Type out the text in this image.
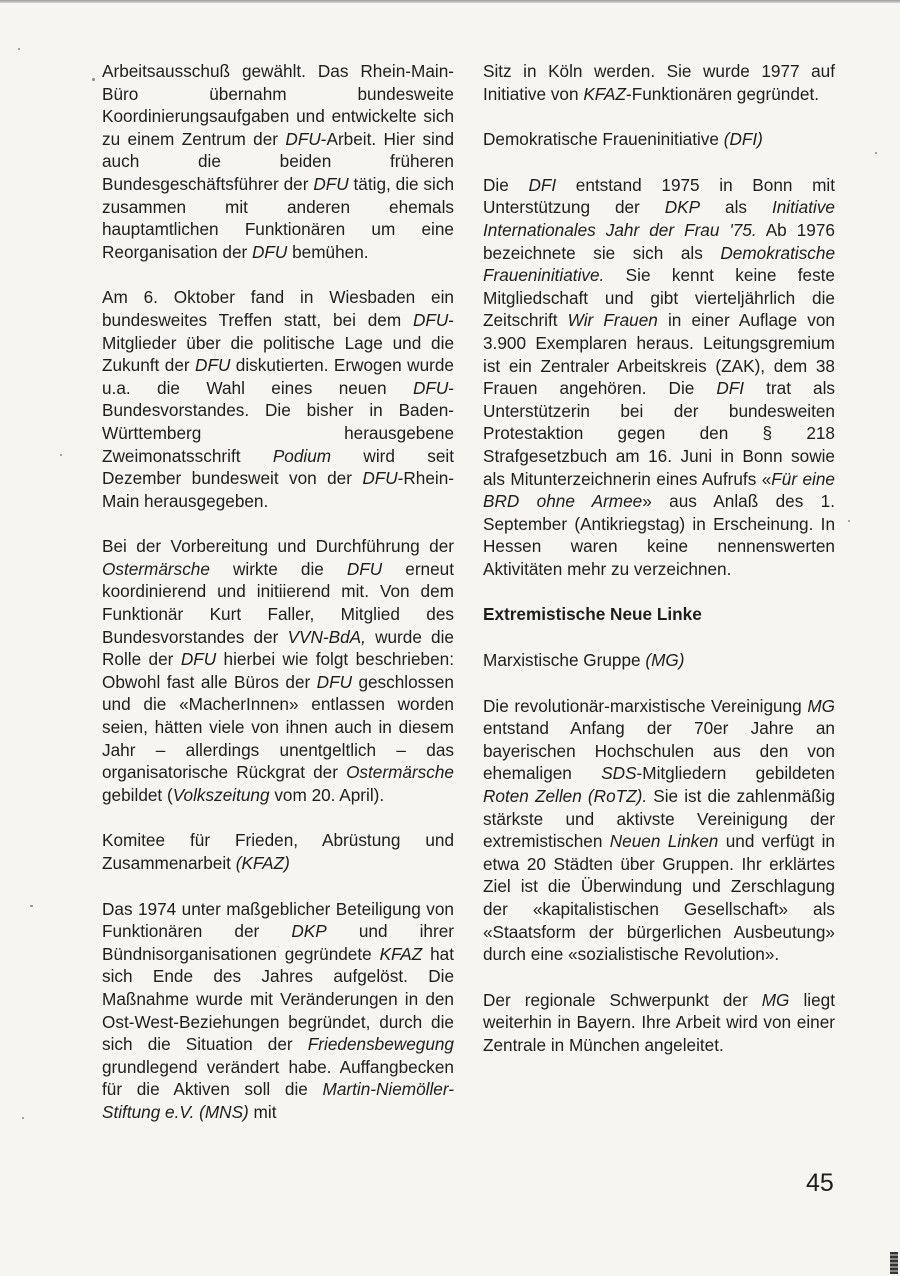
Arbeitsausschuß gewählt. Das Rhein-Main-Büro übernahm bundesweite Koordinierungsaufgaben und entwickelte sich zu einem Zentrum der DFU-Arbeit. Hier sind auch die beiden früheren Bundesgeschäftsführer der DFU tätig, die sich zusammen mit anderen ehemals hauptamtlichen Funktionären um eine Reorganisation der DFU bemühen.

Am 6. Oktober fand in Wiesbaden ein bundesweites Treffen statt, bei dem DFU-Mitglieder über die politische Lage und die Zukunft der DFU diskutierten. Erwogen wurde u.a. die Wahl eines neuen DFU-Bundesvorstandes. Die bisher in Baden-Württemberg herausgebene Zweimonatsschrift Podium wird seit Dezember bundesweit von der DFU-Rhein-Main herausgegeben.

Bei der Vorbereitung und Durchführung der Ostermärsche wirkte die DFU erneut koordinierend und initiierend mit. Von dem Funktionär Kurt Faller, Mitglied des Bundesvorstandes der VVN-BdA, wurde die Rolle der DFU hierbei wie folgt beschrieben: Obwohl fast alle Büros der DFU geschlossen und die «MacherInnen» entlassen worden seien, hätten viele von ihnen auch in diesem Jahr – allerdings unentgeltlich – das organisatorische Rückgrat der Ostermärsche gebildet (Volkszeitung vom 20. April).

Komitee für Frieden, Abrüstung und Zusammenarbeit (KFAZ)

Das 1974 unter maßgeblicher Beteiligung von Funktionären der DKP und ihrer Bündnisorganisationen gegründete KFAZ hat sich Ende des Jahres aufgelöst. Die Maßnahme wurde mit Veränderungen in den Ost-West-Beziehungen begründet, durch die sich die Situation der Friedensbewegung grundlegend verändert habe. Auffangbecken für die Aktiven soll die Martin-Niemöller-Stiftung e.V. (MNS) mit

Sitz in Köln werden. Sie wurde 1977 auf Initiative von KFAZ-Funktionären gegründet.

Demokratische Fraueninitiative (DFI)

Die DFI entstand 1975 in Bonn mit Unterstützung der DKP als Initiative Internationales Jahr der Frau '75. Ab 1976 bezeichnete sie sich als Demokratische Fraueninitiative. Sie kennt keine feste Mitgliedschaft und gibt vierteljährlich die Zeitschrift Wir Frauen in einer Auflage von 3.900 Exemplaren heraus. Leitungsgremium ist ein Zentraler Arbeitskreis (ZAK), dem 38 Frauen angehören. Die DFI trat als Unterstützerin bei der bundesweiten Protestaktion gegen den § 218 Strafgesetzbuch am 16. Juni in Bonn sowie als Mitunterzeichnerin eines Aufrufs «Für eine BRD ohne Armee» aus Anlaß des 1. September (Antikriegstag) in Erscheinung. In Hessen waren keine nennenswerten Aktivitäten mehr zu verzeichnen.

Extremistische Neue Linke

Marxistische Gruppe (MG)

Die revolutionär-marxistische Vereinigung MG entstand Anfang der 70er Jahre an bayerischen Hochschulen aus den von ehemaligen SDS-Mitgliedern gebildeten Roten Zellen (RoTZ). Sie ist die zahlenmäßig stärkste und aktivste Vereinigung der extremistischen Neuen Linken und verfügt in etwa 20 Städten über Gruppen. Ihr erklärtes Ziel ist die Überwindung und Zerschlagung der «kapitalistischen Gesellschaft» als «Staatsform der bürgerlichen Ausbeutung» durch eine «sozialistische Revolution».

Der regionale Schwerpunkt der MG liegt weiterhin in Bayern. Ihre Arbeit wird von einer Zentrale in München angeleitet.

45
